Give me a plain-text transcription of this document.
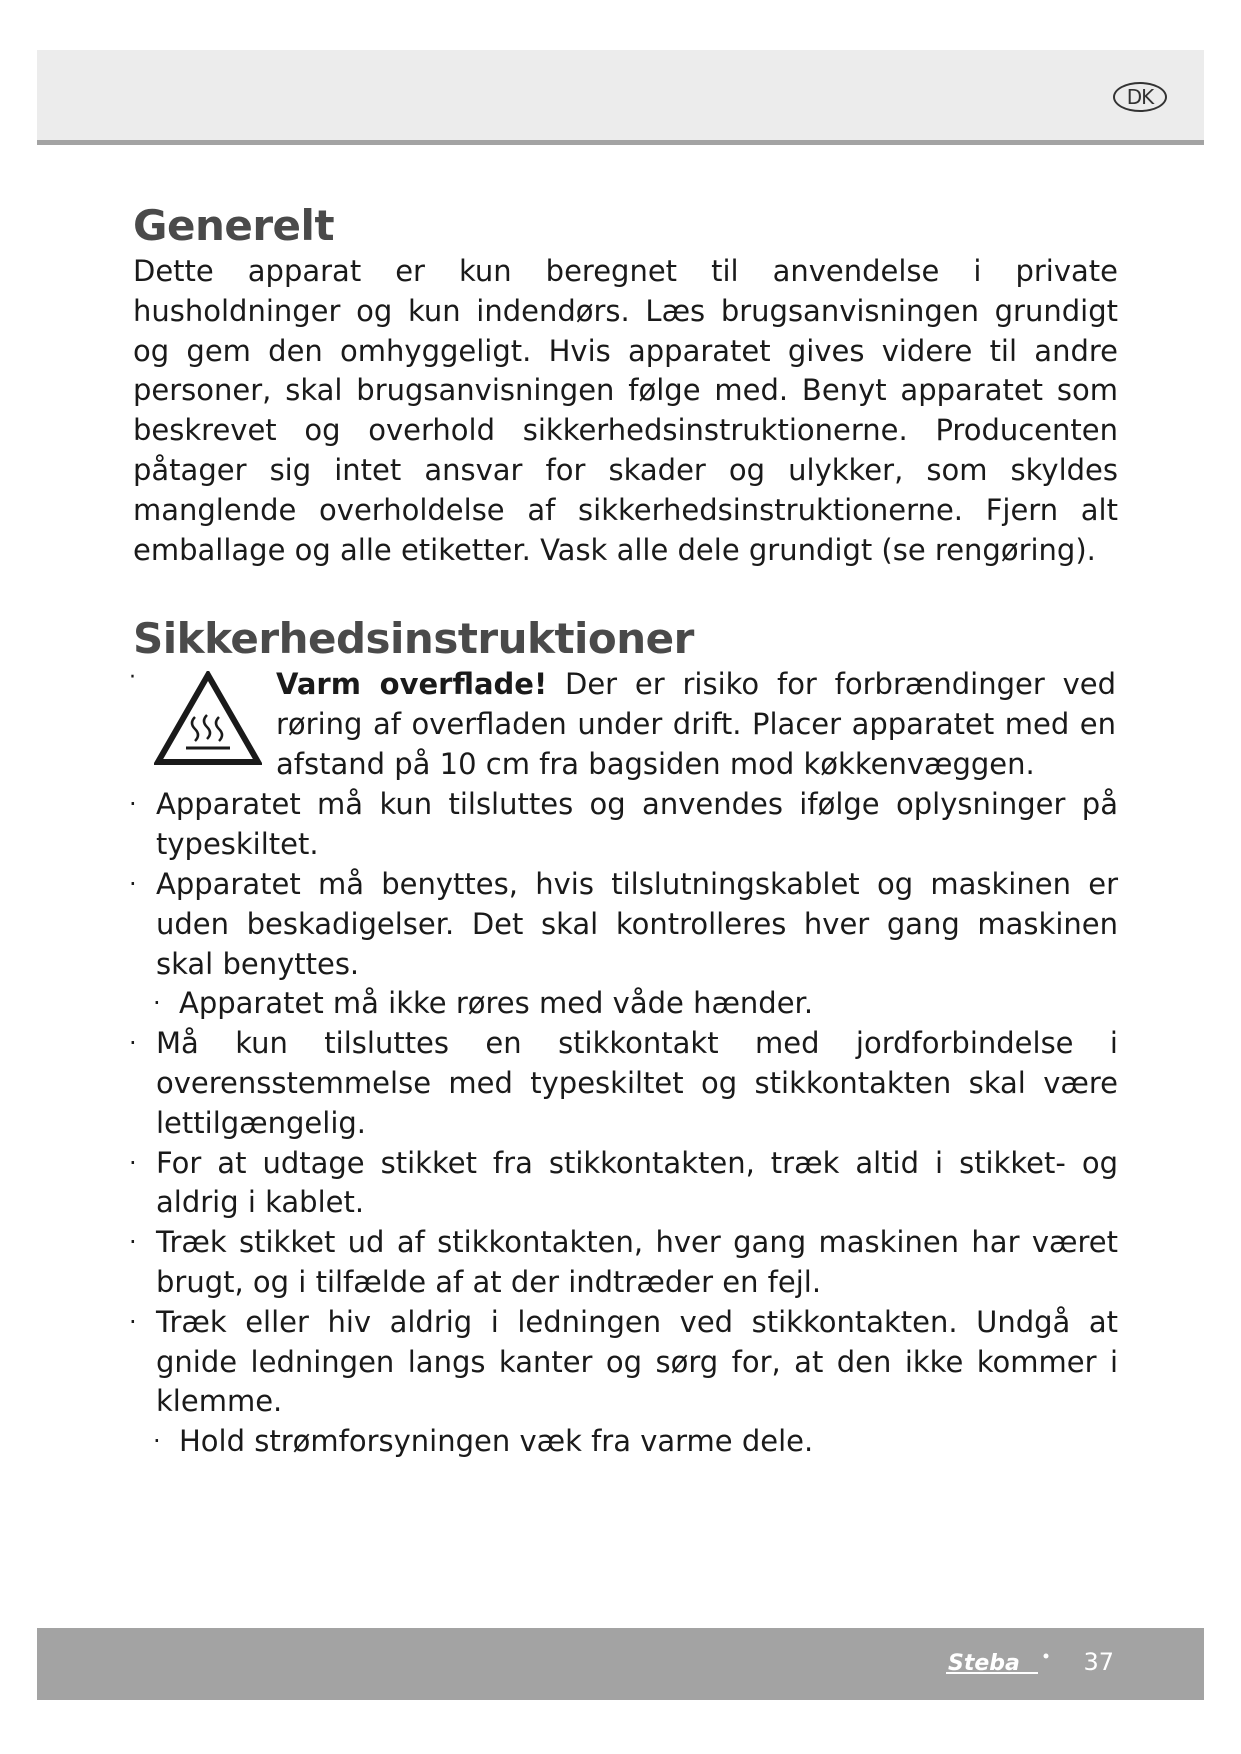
DK
Generelt

Dette apparat er kun beregnet til anvendelse i private husholdninger og kun indendørs. Læs brugsanvisningen grundigt og gem den omhyggeligt. Hvis apparatet gives videre til andre personer, skal brugsanvisningen følge med. Benyt apparatet som beskrevet og overhold sikkerhedsinstruktionerne. Producenten påtager sig intet ansvar for skader og ulykker, som skyldes manglende overholdelse af sikkerhedsinstruktionerne. Fjern alt emballage og alle etiketter. Vask alle dele grundigt (se rengøring).

Sikkerhedsinstruktioner
·	Varm overflade! Der er risiko for forbrændinger ved røring af overfladen under drift. Placer apparatet med en afstand på 10 cm fra bagsiden mod køkkenvæggen.
· Apparatet må kun tilsluttes og anvendes ifølge oplysninger på typeskiltet.
· Apparatet må benyttes, hvis tilslutningskablet og maskinen er uden beskadigelser. Det skal kontrolleres hver gang maskinen skal benyttes.
· Apparatet må ikke røres med våde hænder.
· Må kun tilsluttes en stikkontakt med jordforbindelse i overensstemmelse med typeskiltet og stikkontakten skal være lettilgængelig.
· For at udtage stikket fra stikkontakten, træk altid i stikket- og aldrig i kablet.
· Træk stikket ud af stikkontakten, hver gang maskinen har været brugt, og i tilfælde af at der indtræder en fejl.
· Træk eller hiv aldrig i ledningen ved stikkontakten. Undgå at gnide ledningen langs kanter og sørg for, at den ikke kommer i klemme.
· Hold strømforsyningen væk fra varme dele.
Steba	37
